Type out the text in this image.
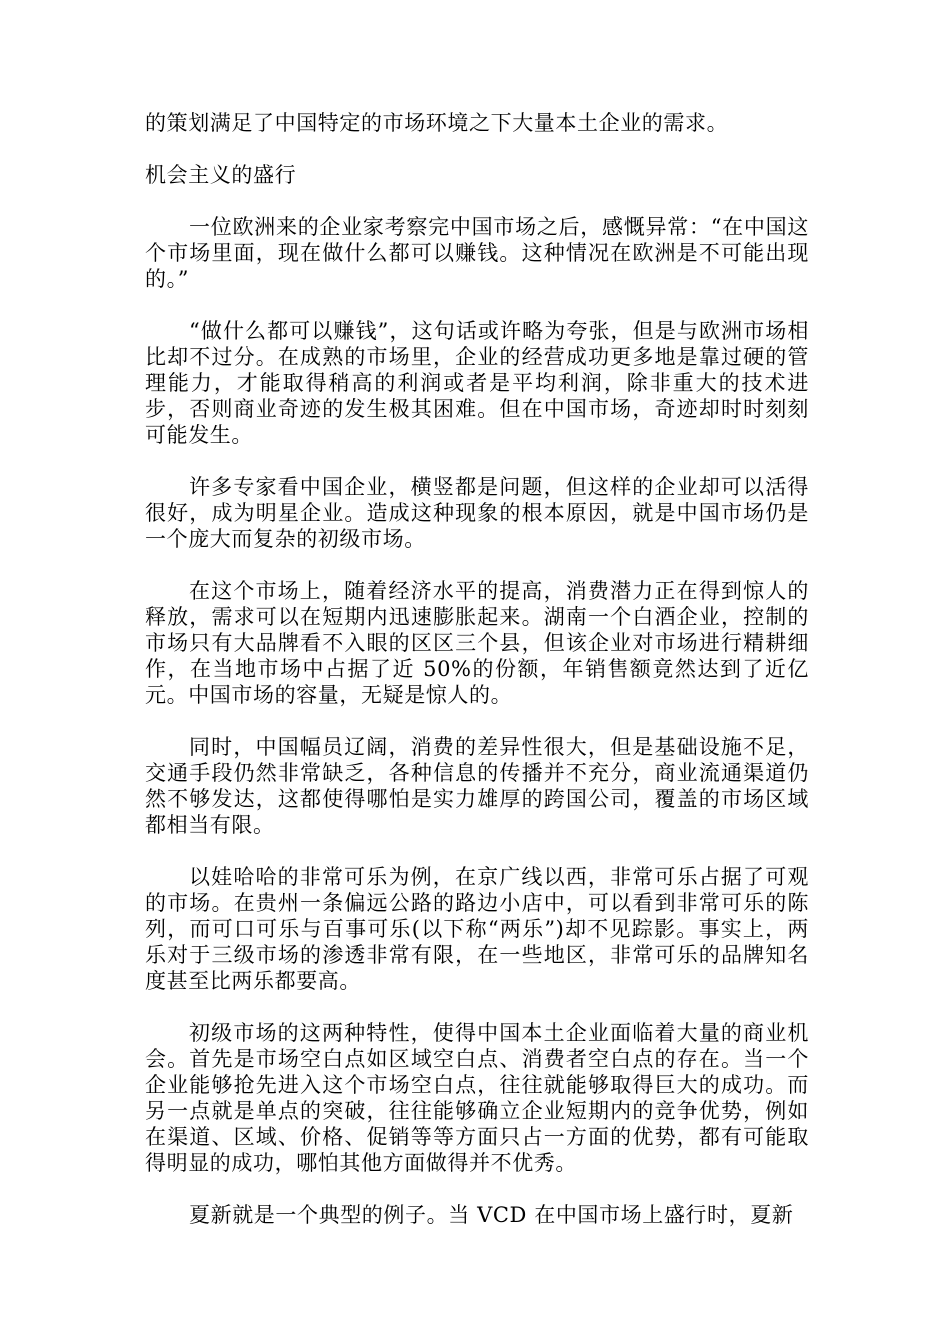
的策划满足了中国特定的市场环境之下大量本土企业的需求。

机会主义的盛行

一位欧洲来的企业家考察完中国市场之后，感慨异常：“在中国这个市场里面，现在做什么都可以赚钱。这种情况在欧洲是不可能出现的。”

“做什么都可以赚钱”，这句话或许略为夸张，但是与欧洲市场相比却不过分。在成熟的市场里，企业的经营成功更多地是靠过硬的管理能力，才能取得稍高的利润或者是平均利润，除非重大的技术进步，否则商业奇迹的发生极其困难。但在中国市场，奇迹却时时刻刻可能发生。

许多专家看中国企业，横竖都是问题，但这样的企业却可以活得很好，成为明星企业。造成这种现象的根本原因，就是中国市场仍是一个庞大而复杂的初级市场。

在这个市场上，随着经济水平的提高，消费潜力正在得到惊人的释放，需求可以在短期内迅速膨胀起来。湖南一个白酒企业，控制的市场只有大品牌看不入眼的区区三个县，但该企业对市场进行精耕细作，在当地市场中占据了近 50%的份额，年销售额竟然达到了近亿元。中国市场的容量，无疑是惊人的。

同时，中国幅员辽阔，消费的差异性很大，但是基础设施不足，交通手段仍然非常缺乏，各种信息的传播并不充分，商业流通渠道仍然不够发达，这都使得哪怕是实力雄厚的跨国公司，覆盖的市场区域都相当有限。

以娃哈哈的非常可乐为例，在京广线以西，非常可乐占据了可观的市场。在贵州一条偏远公路的路边小店中，可以看到非常可乐的陈列，而可口可乐与百事可乐(以下称“两乐”)却不见踪影。事实上，两乐对于三级市场的渗透非常有限，在一些地区，非常可乐的品牌知名度甚至比两乐都要高。

初级市场的这两种特性，使得中国本土企业面临着大量的商业机会。首先是市场空白点如区域空白点、消费者空白点的存在。当一个企业能够抢先进入这个市场空白点，往往就能够取得巨大的成功。而另一点就是单点的突破，往往能够确立企业短期内的竞争优势，例如在渠道、区域、价格、促销等等方面只占一方面的优势，都有可能取得明显的成功，哪怕其他方面做得并不优秀。

夏新就是一个典型的例子。当 VCD 在中国市场上盛行时，夏新
